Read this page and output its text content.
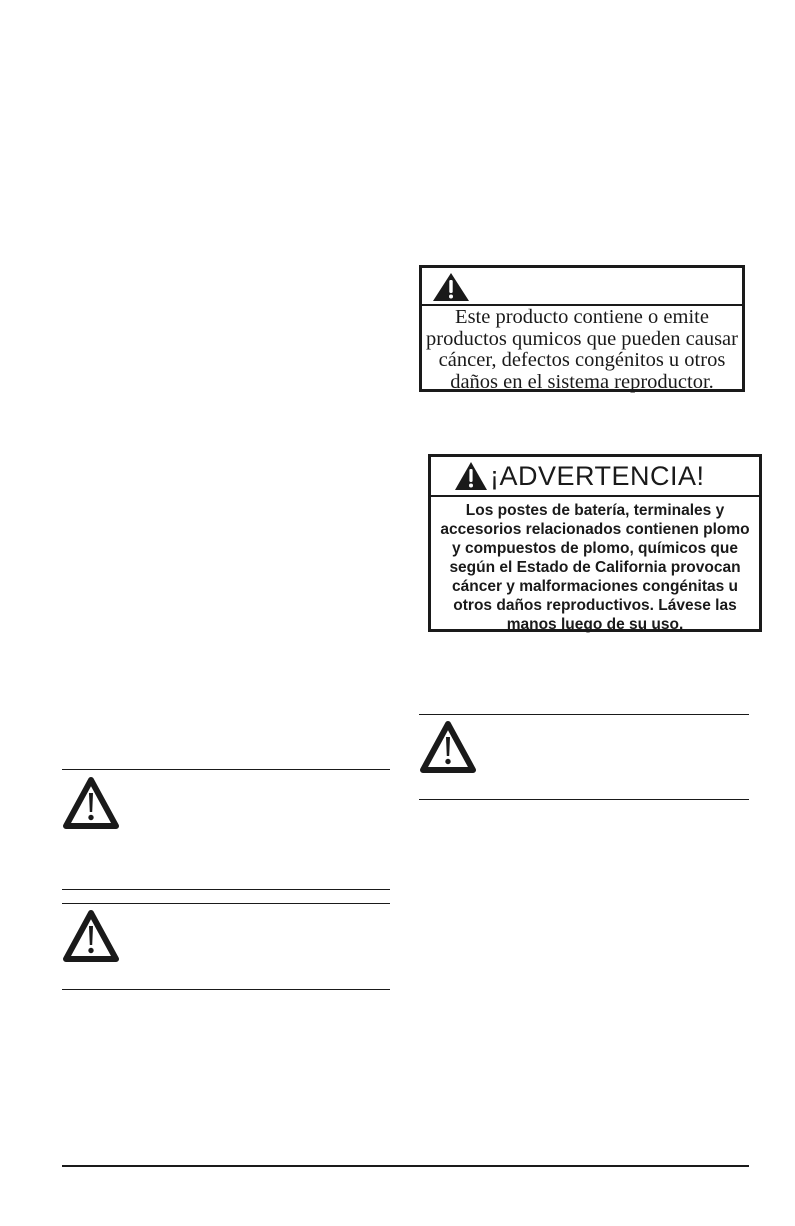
Este producto contiene o emite
productos qumicos que pueden causar
cáncer, defectos congénitos u otros
daños en el sistema reproductor.
¡ADVERTENCIA!
Los postes de batería, terminales y
accesorios relacionados contienen plomo
y compuestos de plomo, químicos que
según el Estado de California provocan
cáncer y malformaciones congénitas u
otros daños reproductivos. Lávese las
manos luego de su uso.
